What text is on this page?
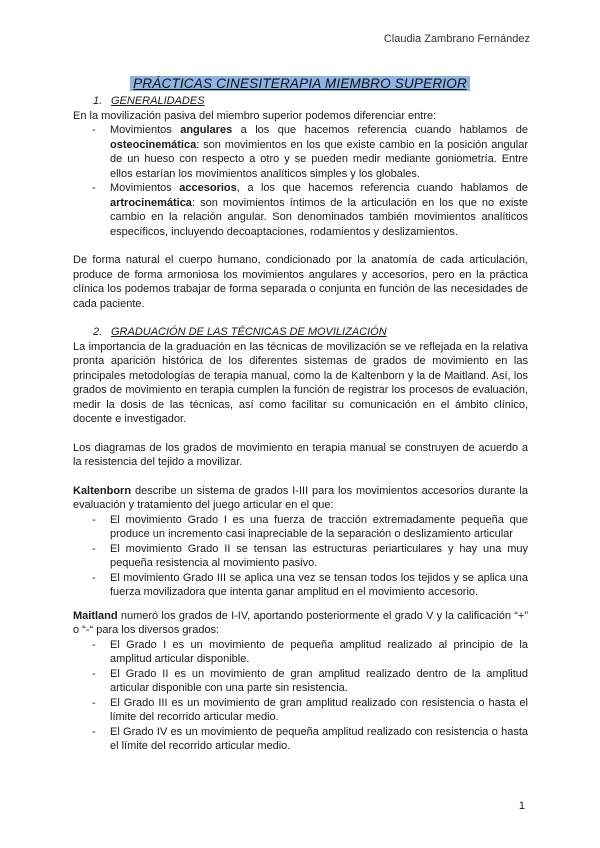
Claudia Zambrano Fernández
PRÁCTICAS CINESITERAPIA MIEMBRO SUPERIOR
1. GENERALIDADES

En la movilización pasiva del miembro superior podemos diferenciar entre:

- Movimientos angulares a los que hacemos referencia cuando hablamos de osteocinemática: son movimientos en los que existe cambio en la posición angular de un hueso con respecto a otro y se pueden medir mediante goniometría. Entre ellos estarían los movimientos analíticos simples y los globales.
- Movimientos accesorios, a los que hacemos referencia cuando hablamos de artrocinemática: son movimientos íntimos de la articulación en los que no existe cambio en la relación angular. Son denominados también movimientos analíticos específicos, incluyendo decoaptaciones, rodamientos y deslizamientos.

De forma natural el cuerpo humano, condicionado por la anatomía de cada articulación, produce de forma armoniosa los movimientos angulares y accesorios, pero en la práctica clínica los podemos trabajar de forma separada o conjunta en función de las necesidades de cada paciente.

2. GRADUACIÓN DE LAS TÉCNICAS DE MOVILIZACIÓN

La importancia de la graduación en las técnicas de movilización se ve reflejada en la relativa pronta aparición histórica de los diferentes sistemas de grados de movimiento en las principales metodologías de terapia manual, como la de Kaltenborn y la de Maitland. Así, los grados de movimiento en terapia cumplen la función de registrar los procesos de evaluación, medir la dosis de las técnicas, así como facilitar su comunicación en el ámbito clínico, docente e investigador.

Los diagramas de los grados de movimiento en terapia manual se construyen de acuerdo a la resistencia del tejido a movilizar.

Kaltenborn describe un sistema de grados I-III para los movimientos accesorios durante la evaluación y tratamiento del juego articular en el que:

- El movimiento Grado I es una fuerza de tracción extremadamente pequeña que produce un incremento casi inapreciable de la separación o deslizamiento articular
- El movimiento Grado II se tensan las estructuras periarticulares y hay una muy pequeña resistencia al movimiento pasivo.
- El movimiento Grado III se aplica una vez se tensan todos los tejidos y se aplica una fuerza movilizadora que intenta ganar amplitud en el movimiento accesorio.

Maitland numeró los grados de I-IV, aportando posteriormente el grado V y la calificación “+” o “-“ para los diversos grados:

- El Grado I es un movimiento de pequeña amplitud realizado al principio de la amplitud articular disponible.
- El Grado II es un movimiento de gran amplitud realizado dentro de la amplitud articular disponible con una parte sin resistencia.
- El Grado III es un movimiento de gran amplitud realizado con resistencia o hasta el límite del recorrido articular medio.
- El Grado IV es un movimiento de pequeña amplitud realizado con resistencia o hasta el límite del recorrido articular medio.
1
